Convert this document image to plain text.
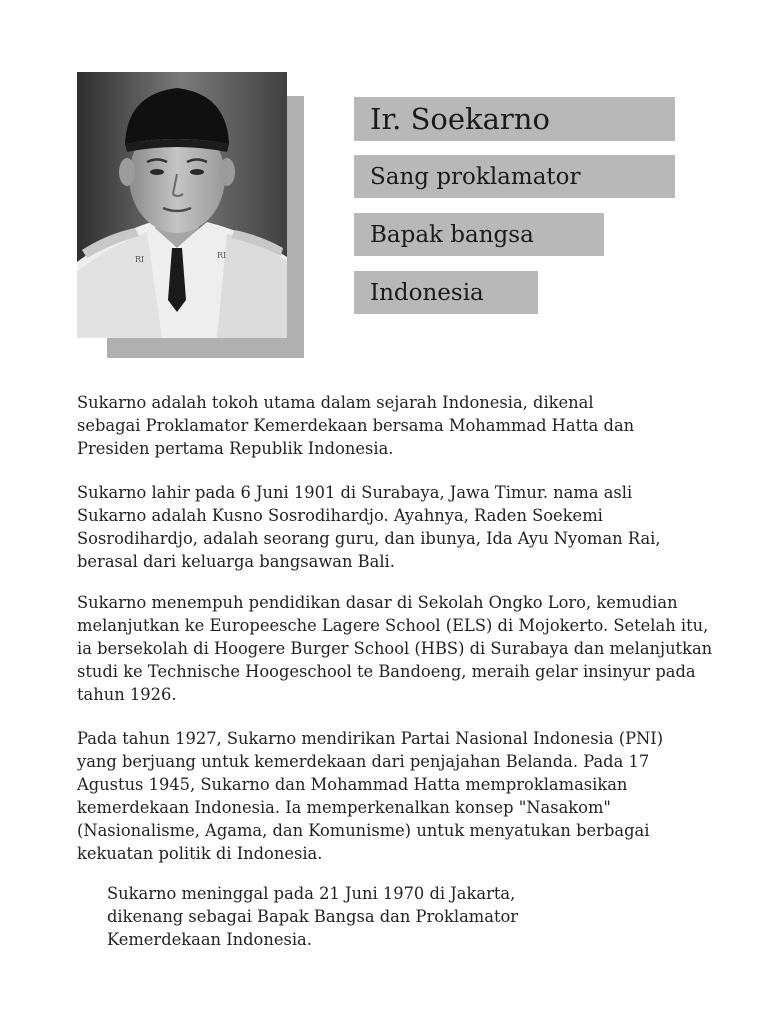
RI	RI
Ir. Soekarno
Sang proklamator
Bapak bangsa
Indonesia

Sukarno adalah tokoh utama dalam sejarah Indonesia, dikenal sebagai Proklamator Kemerdekaan bersama Mohammad Hatta dan Presiden pertama Republik Indonesia.

Sukarno lahir pada 6 Juni 1901 di Surabaya, Jawa Timur. nama asli Sukarno adalah Kusno Sosrodihardjo. Ayahnya, Raden Soekemi Sosrodihardjo, adalah seorang guru, dan ibunya, Ida Ayu Nyoman Rai, berasal dari keluarga bangsawan Bali.

Sukarno menempuh pendidikan dasar di Sekolah Ongko Loro, kemudian melanjutkan ke Europeesche Lagere School (ELS) di Mojokerto. Setelah itu, ia bersekolah di Hoogere Burger School (HBS) di Surabaya dan melanjutkan studi ke Technische Hoogeschool te Bandoeng, meraih gelar insinyur pada tahun 1926.

Pada tahun 1927, Sukarno mendirikan Partai Nasional Indonesia (PNI) yang berjuang untuk kemerdekaan dari penjajahan Belanda. Pada 17 Agustus 1945, Sukarno dan Mohammad Hatta memproklamasikan kemerdekaan Indonesia. Ia memperkenalkan konsep "Nasakom" (Nasionalisme, Agama, dan Komunisme) untuk menyatukan berbagai kekuatan politik di Indonesia.

Sukarno meninggal pada 21 Juni 1970 di Jakarta, dikenang sebagai Bapak Bangsa dan Proklamator Kemerdekaan Indonesia.
